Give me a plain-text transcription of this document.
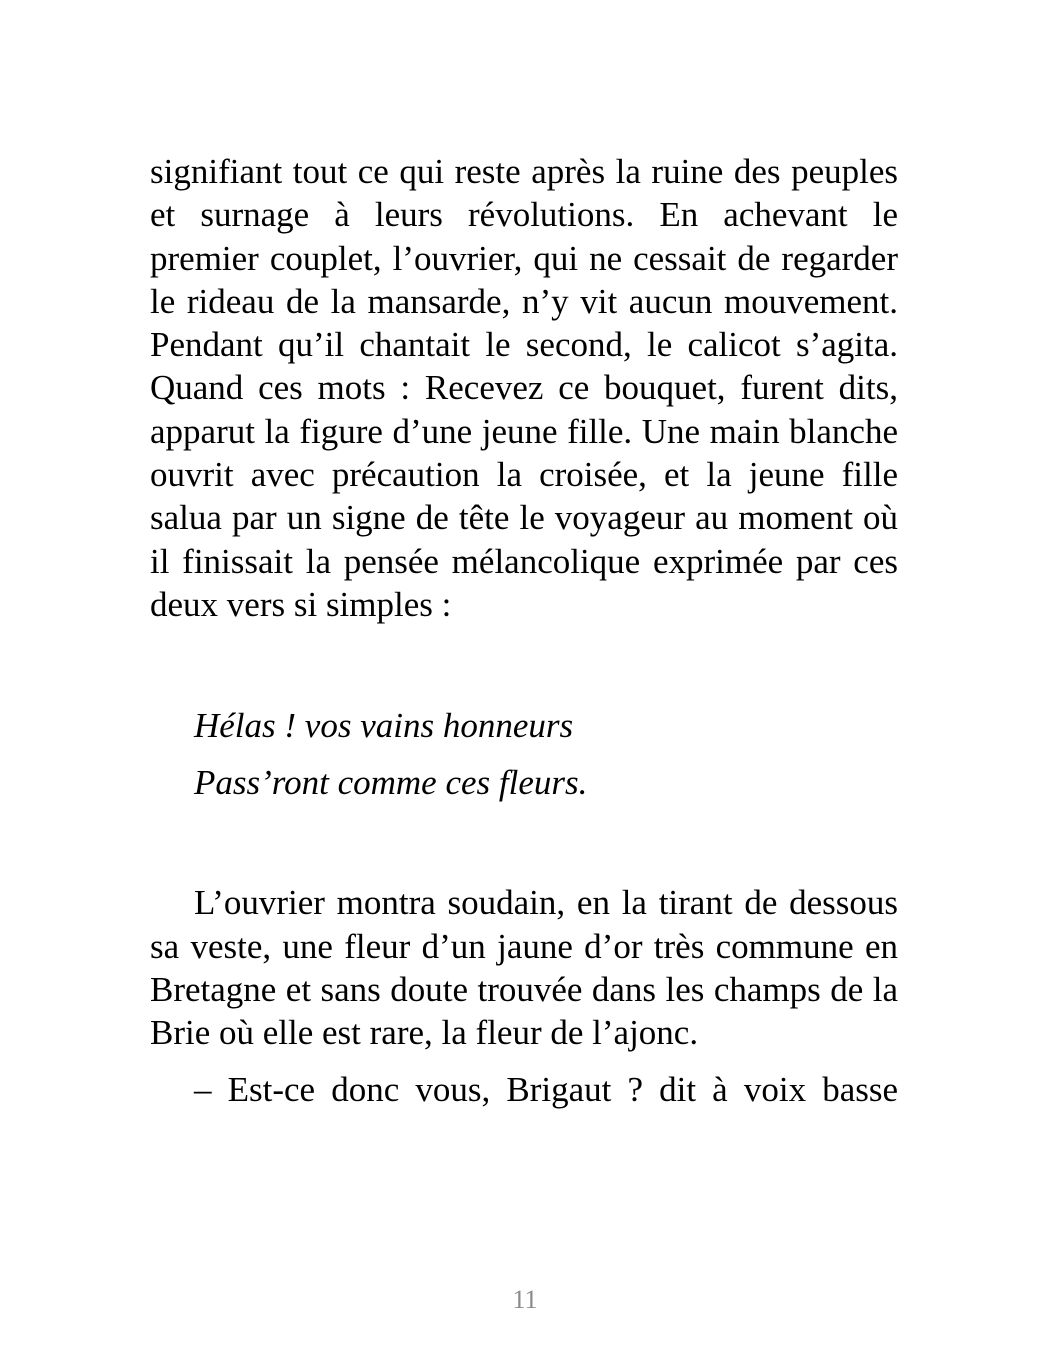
signifiant tout ce qui reste après la ruine des peuples et surnage à leurs révolutions. En achevant le premier couplet, l’ouvrier, qui ne cessait de regarder le rideau de la mansarde, n’y vit aucun mouvement. Pendant qu’il chantait le second, le calicot s’agita. Quand ces mots : Recevez ce bouquet, furent dits, apparut la figure d’une jeune fille. Une main blanche ouvrit avec précaution la croisée, et la jeune fille salua par un signe de tête le voyageur au moment où il finissait la pensée mélancolique exprimée par ces deux vers si simples :

Hélas ! vos vains honneurs

Pass’ront comme ces fleurs.

L’ouvrier montra soudain, en la tirant de dessous sa veste, une fleur d’un jaune d’or très commune en Bretagne et sans doute trouvée dans les champs de la Brie où elle est rare, la fleur de l’ajonc.

– Est-ce donc vous, Brigaut ? dit à voix basse

11
